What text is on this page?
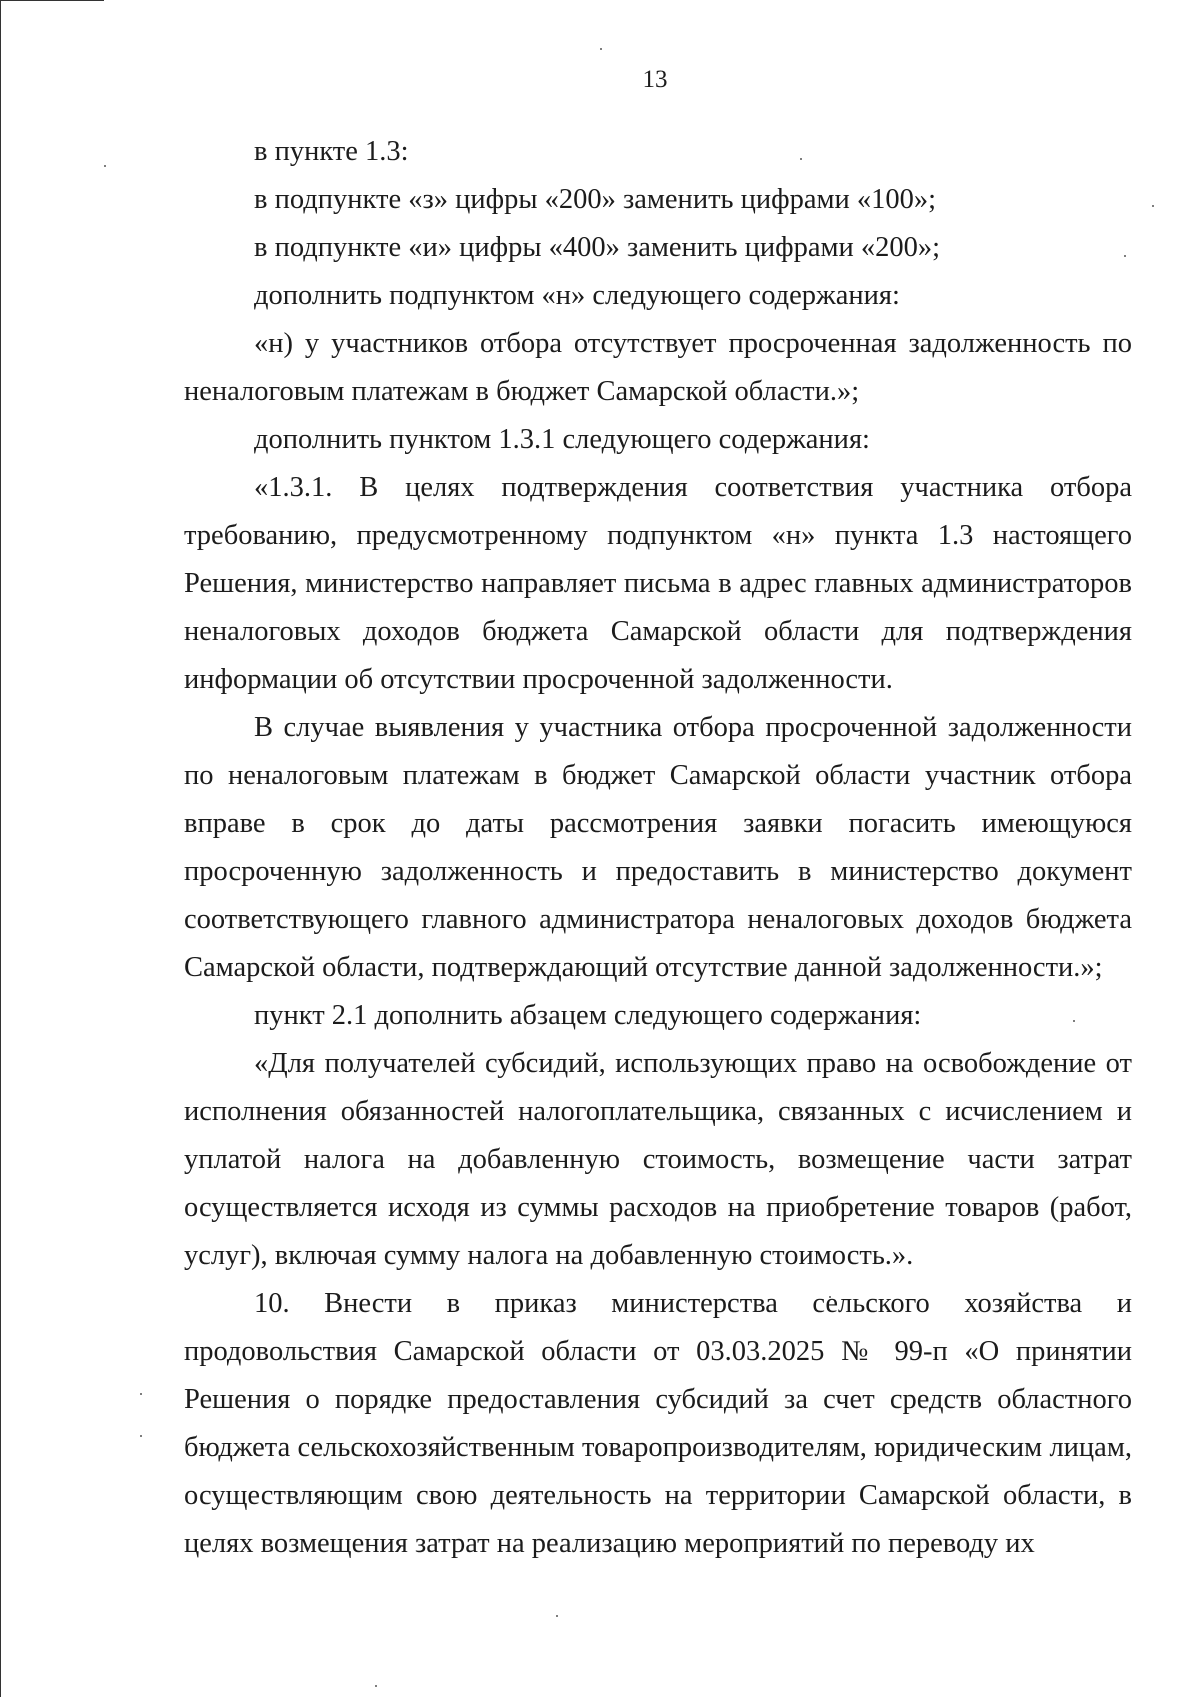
13

в пункте 1.3:

в подпункте «з» цифры «200» заменить цифрами «100»;

в подпункте «и» цифры «400» заменить цифрами «200»;

дополнить подпунктом «н» следующего содержания:

«н) у участников отбора отсутствует просроченная задолженность по неналоговым платежам в бюджет Самарской области.»;

дополнить пунктом 1.3.1 следующего содержания:

«1.3.1. В целях подтверждения соответствия участника отбора требованию, предусмотренному подпунктом «н» пункта 1.3 настоящего Решения, министерство направляет письма в адрес главных администраторов неналоговых доходов бюджета Самарской области для подтверждения информации об отсутствии просроченной задолженности.

В случае выявления у участника отбора просроченной задолженности по неналоговым платежам в бюджет Самарской области участник отбора вправе в срок до даты рассмотрения заявки погасить имеющуюся просроченную задолженность и предоставить в министерство документ соответствующего главного администратора неналоговых доходов бюджета Самарской области, подтверждающий отсутствие данной задолженности.»;

пункт 2.1 дополнить абзацем следующего содержания:

«Для получателей субсидий, использующих право на освобождение от исполнения обязанностей налогоплательщика, связанных с исчислением и уплатой налога на добавленную стоимость, возмещение части затрат осуществляется исходя из суммы расходов на приобретение товаров (работ, услуг), включая сумму налога на добавленную стоимость.».

10. Внести в приказ министерства сельского хозяйства и продовольствия Самарской области от 03.03.2025 № 99-п «О принятии Решения о порядке предоставления субсидий за счет средств областного бюджета сельскохозяйственным товаропроизводителям, юридическим лицам, осуществляющим свою деятельность на территории Самарской области, в целях возмещения затрат на реализацию мероприятий по переводу их
